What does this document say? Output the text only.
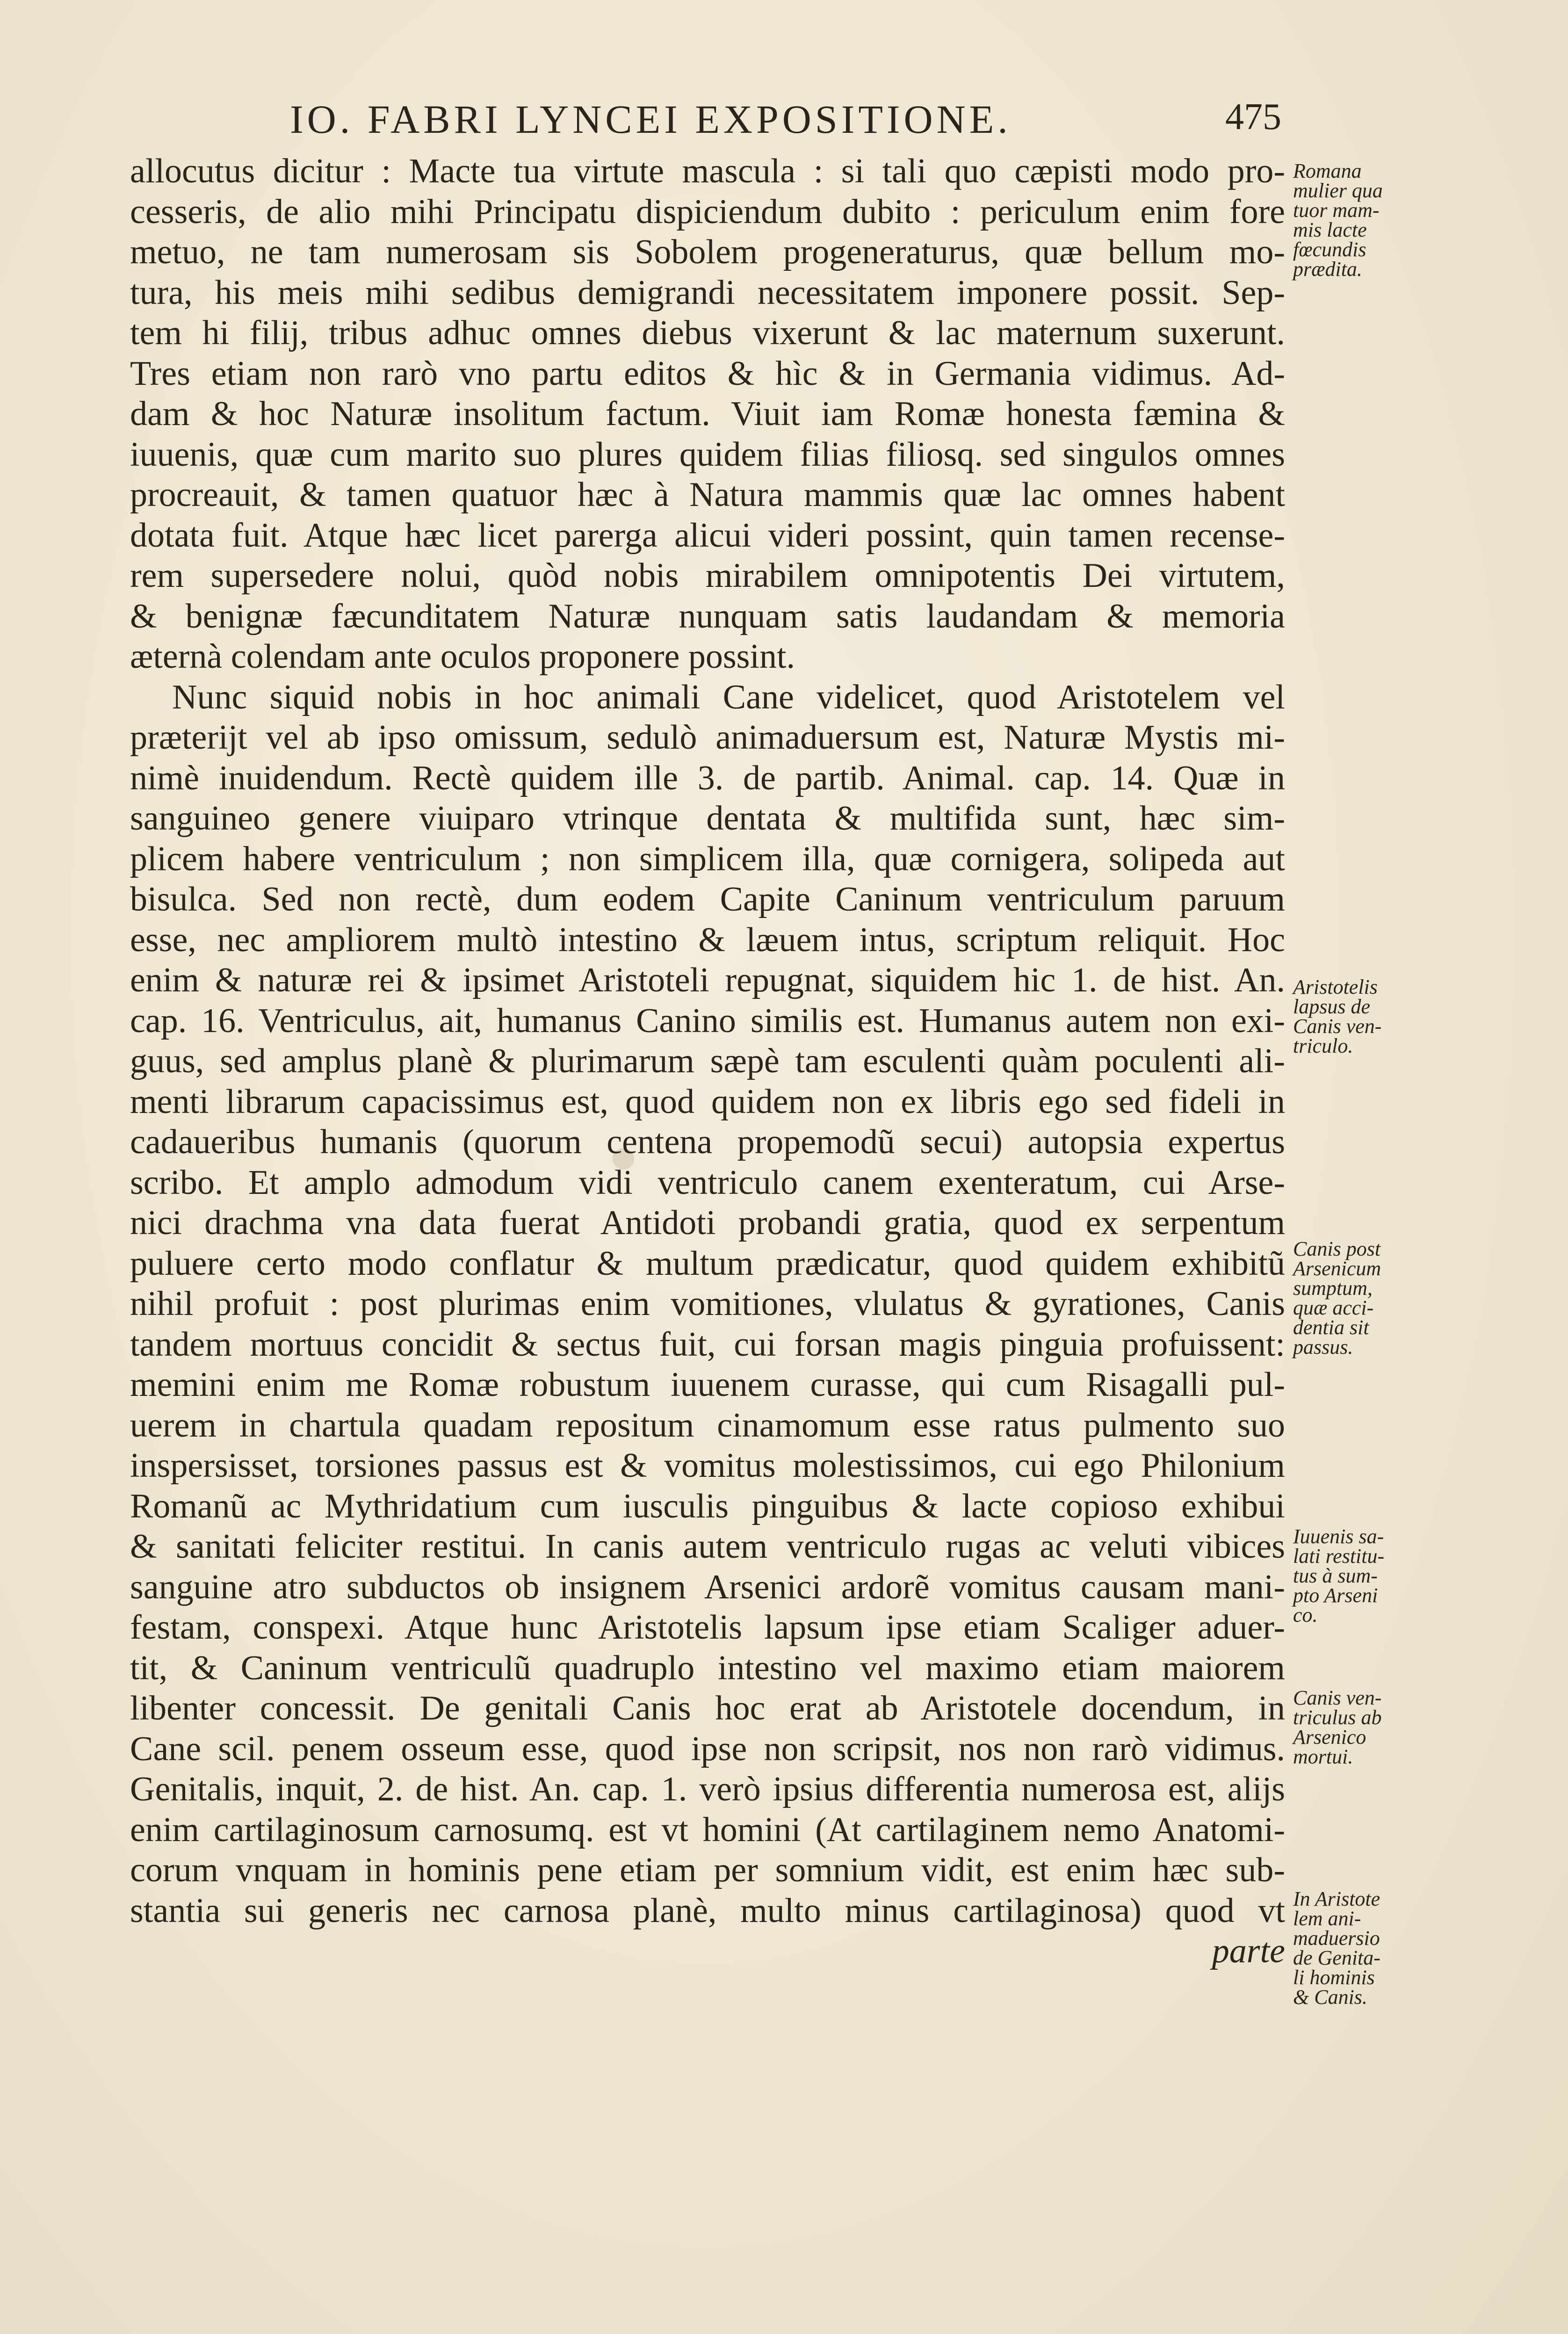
IO. FABRI LYNCEI EXPOSITIONE.	475
allocutus dicitur : Macte tua virtute mascula : si tali quo cæpisti modo pro-
cesseris, de alio mihi Principatu dispiciendum dubito : periculum enim fore
metuo, ne tam numerosam sis Sobolem progeneraturus, quæ bellum mo-
tura, his meis mihi sedibus demigrandi necessitatem imponere possit. Sep-
tem hi filij, tribus adhuc omnes diebus vixerunt & lac maternum suxerunt.
Tres etiam non rarò vno partu editos & hìc & in Germania vidimus. Ad-
dam & hoc Naturæ insolitum factum. Viuit iam Romæ honesta fæmina &
iuuenis, quæ cum marito suo plures quidem filias filiosq. sed singulos omnes
procreauit, & tamen quatuor hæc à Natura mammis quæ lac omnes habent
dotata fuit. Atque hæc licet parerga alicui videri possint, quin tamen recense-
rem supersedere nolui, quòd nobis mirabilem omnipotentis Dei virtutem,
& benignæ fæcunditatem Naturæ nunquam satis laudandam & memoria
æternà colendam ante oculos proponere possint.
Nunc siquid nobis in hoc animali Cane videlicet, quod Aristotelem vel
præterijt vel ab ipso omissum, sedulò animaduersum est, Naturæ Mystis mi-
nimè inuidendum. Rectè quidem ille 3. de partib. Animal. cap. 14. Quæ in
sanguineo genere viuiparo vtrinque dentata & multifida sunt, hæc sim-
plicem habere ventriculum ; non simplicem illa, quæ cornigera, solipeda aut
bisulca. Sed non rectè, dum eodem Capite Caninum ventriculum paruum
esse, nec ampliorem multò intestino & læuem intus, scriptum reliquit. Hoc
enim & naturæ rei & ipsimet Aristoteli repugnat, siquidem hic 1. de hist. An.
cap. 16. Ventriculus, ait, humanus Canino similis est. Humanus autem non exi-
guus, sed amplus planè & plurimarum sæpè tam esculenti quàm poculenti ali-
menti librarum capacissimus est, quod quidem non ex libris ego sed fideli in
cadaueribus humanis (quorum centena propemodũ secui) autopsia expertus
scribo. Et amplo admodum vidi ventriculo canem exenteratum, cui Arse-
nici drachma vna data fuerat Antidoti probandi gratia, quod ex serpentum
puluere certo modo conflatur & multum prædicatur, quod quidem exhibitũ
nihil profuit : post plurimas enim vomitiones, vlulatus & gyrationes, Canis
tandem mortuus concidit & sectus fuit, cui forsan magis pinguia profuissent:
memini enim me Romæ robustum iuuenem curasse, qui cum Risagalli pul-
uerem in chartula quadam repositum cinamomum esse ratus pulmento suo
inspersisset, torsiones passus est & vomitus molestissimos, cui ego Philonium
Romanũ ac Mythridatium cum iusculis pinguibus & lacte copioso exhibui
& sanitati feliciter restitui. In canis autem ventriculo rugas ac veluti vibices
sanguine atro subductos ob insignem Arsenici ardorẽ vomitus causam mani-
festam, conspexi. Atque hunc Aristotelis lapsum ipse etiam Scaliger aduer-
tit, & Caninum ventriculũ quadruplo intestino vel maximo etiam maiorem
libenter concessit. De genitali Canis hoc erat ab Aristotele docendum, in
Cane scil. penem osseum esse, quod ipse non scripsit, nos non rarò vidimus.
Genitalis, inquit, 2. de hist. An. cap. 1. verò ipsius differentia numerosa est, alijs
enim cartilaginosum carnosumq. est vt homini (At cartilaginem nemo Anatomi-
corum vnquam in hominis pene etiam per somnium vidit, est enim hæc sub-
stantia sui generis nec carnosa planè, multo minus cartilaginosa) quod vt
parte
Romana
mulier qua
tuor mam-
mis lacte
fœcundis
prædita.
Aristotelis
lapsus de
Canis ven-
triculo.
Canis post
Arsenicum
sumptum,
quæ acci-
dentia sit
passus.
Iuuenis sa-
lati restitu-
tus à sum-
pto Arseni
co.
Canis ven-
triculus ab
Arsenico
mortui.
In Aristote
lem ani-
maduersio
de Genita-
li hominis
& Canis.
